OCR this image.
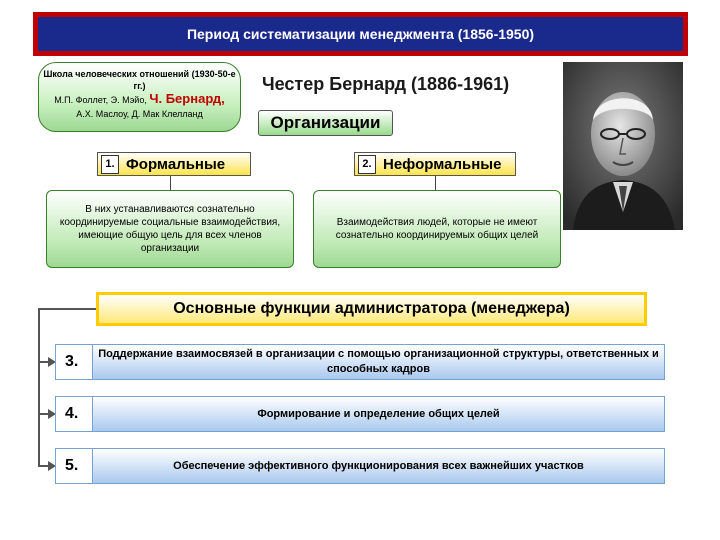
Период систематизации менеджмента (1856-1950)
Школа человеческих отношений (1930-50-е гг.)
М.П. Фоллет, Э. Мэйо, Ч. Бернард,
А.Х. Маслоу, Д. Мак Клелланд
Честер Бернард (1886-1961)
Организации
1. Формальные	2. Неформальные
В них устанавливаются сознательно координируемые социальные взаимодействия, имеющие общую цель для всех членов организации
Взаимодействия людей, которые не имеют сознательно координируемых общих целей
Основные функции администратора (менеджера)
3.	Поддержание взаимосвязей в организации с помощью организационной структуры, ответственных и способных кадров
4.	Формирование и определение общих целей
5.	Обеспечение эффективного функционирования всех важнейших участков
